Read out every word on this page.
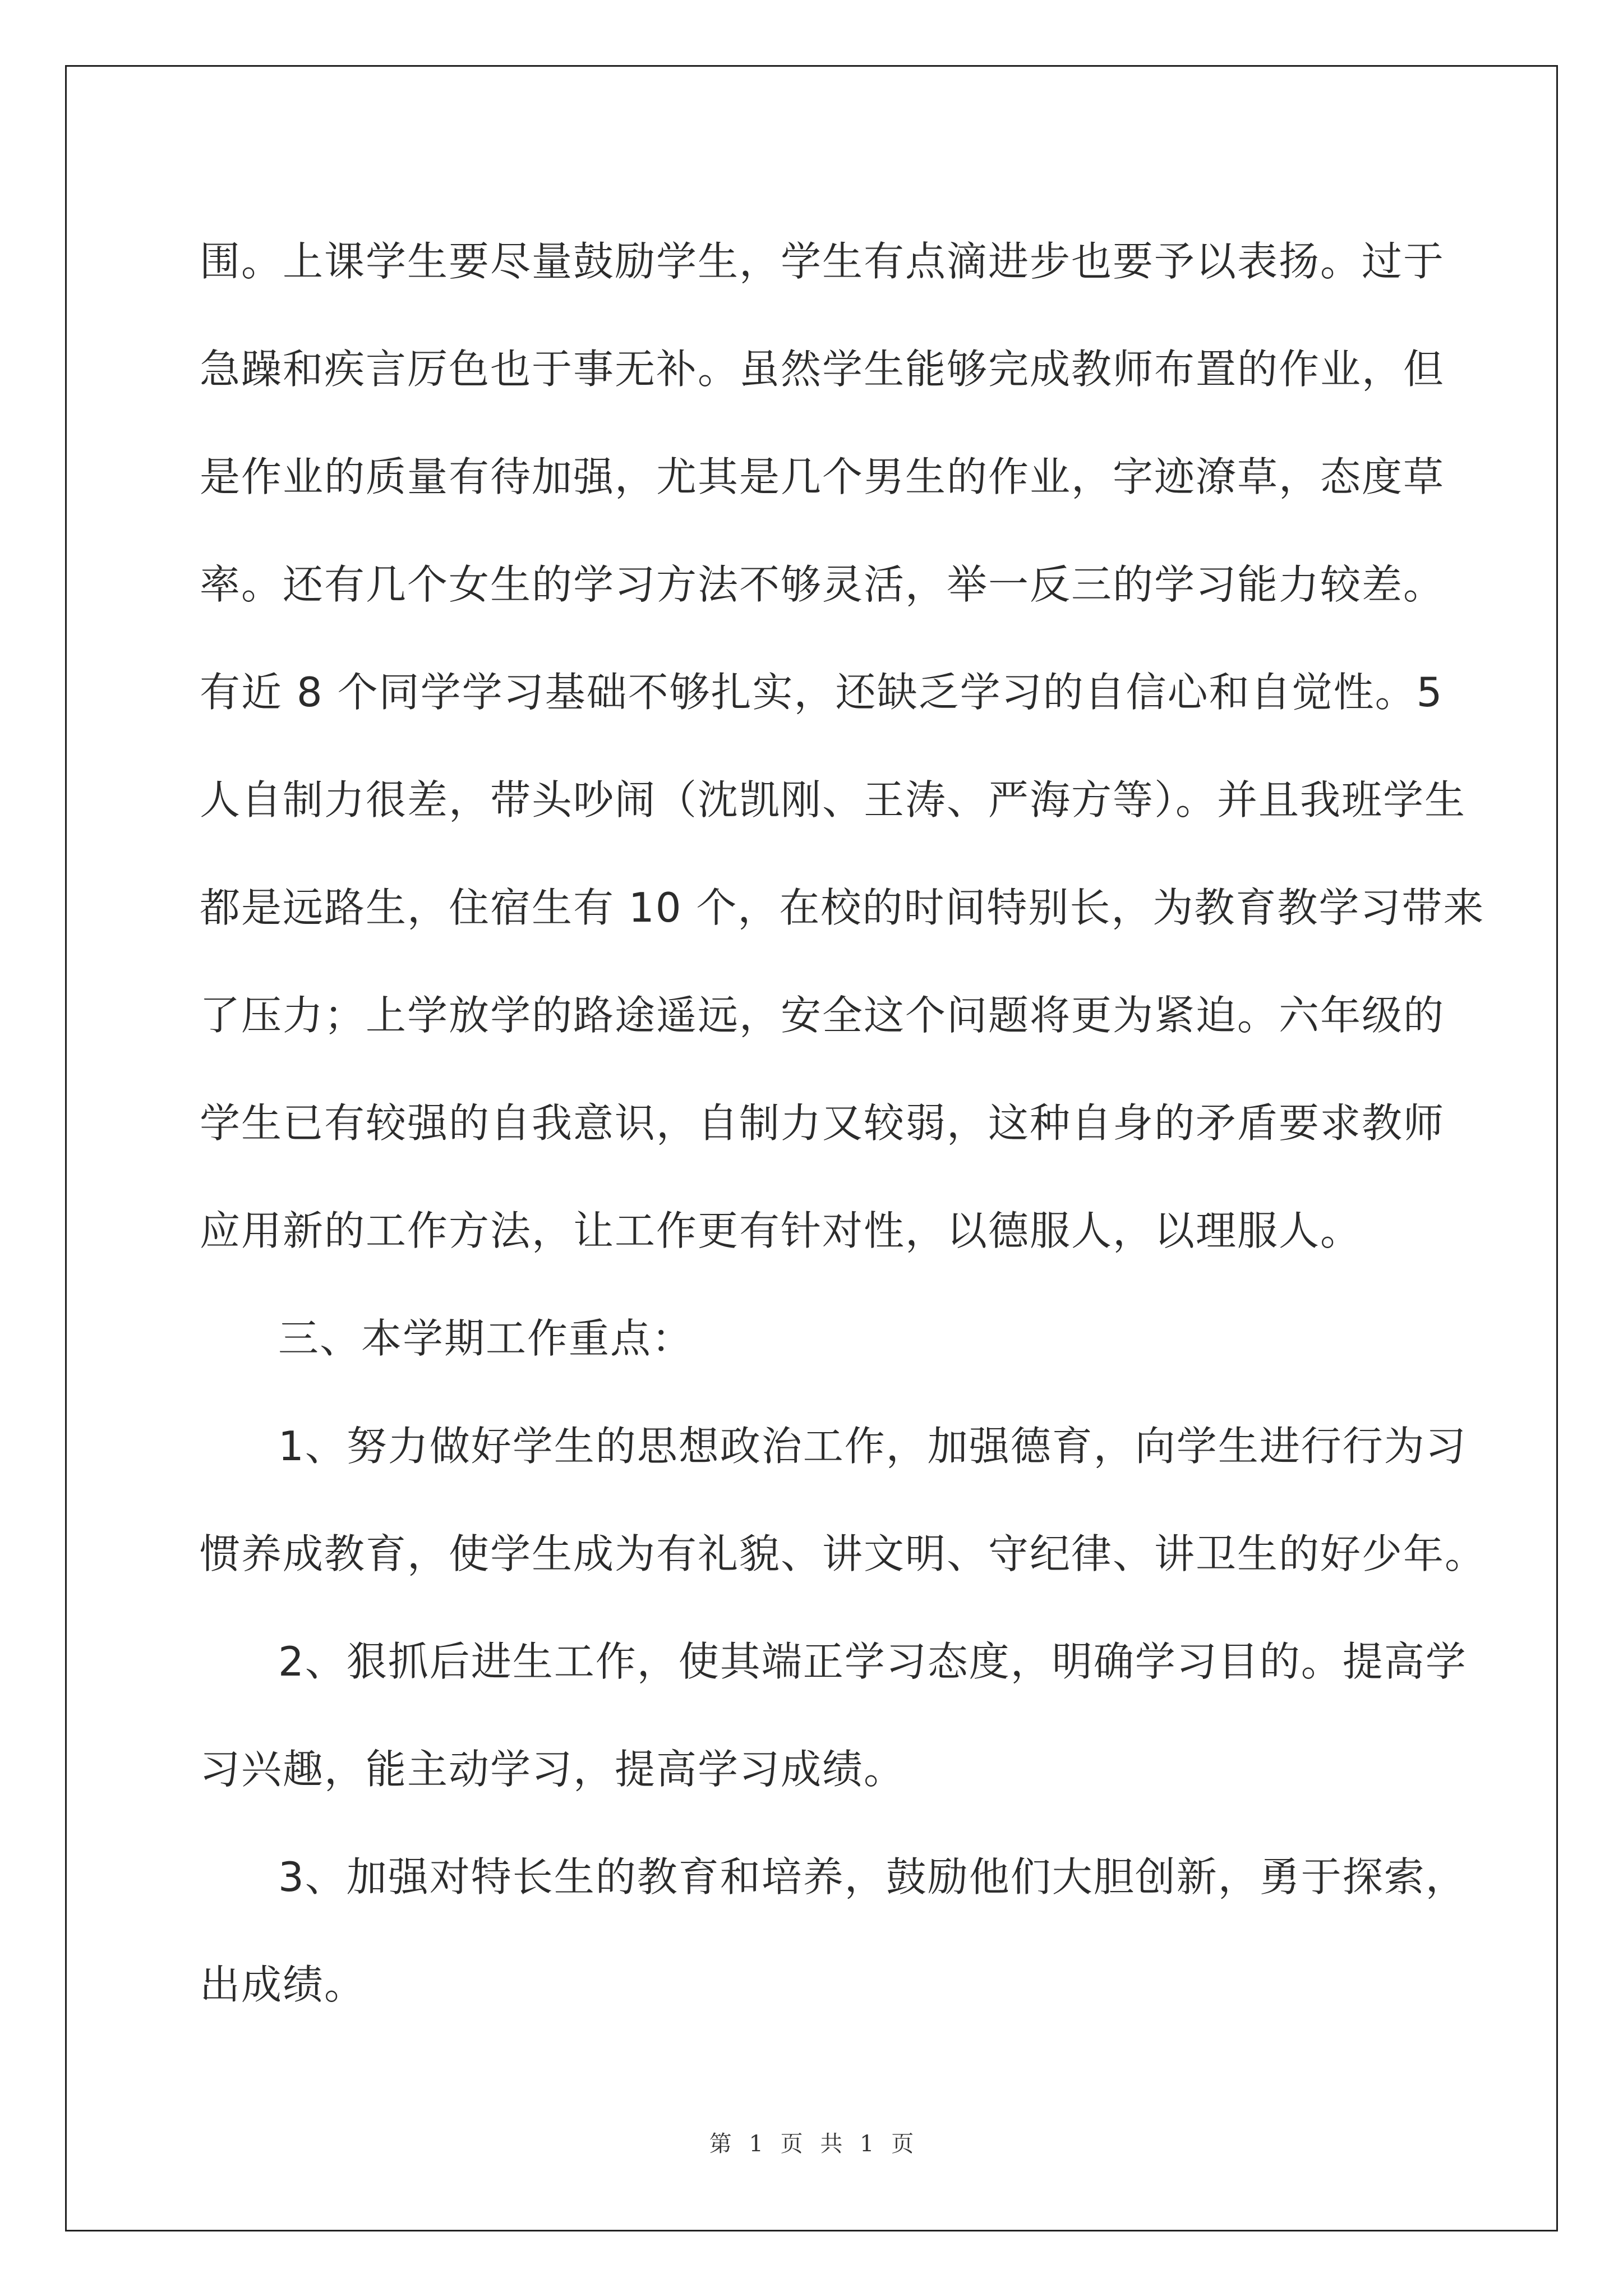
围。上课学生要尽量鼓励学生，学生有点滴进步也要予以表扬。过于
急躁和疾言厉色也于事无补。虽然学生能够完成教师布置的作业，但
是作业的质量有待加强，尤其是几个男生的作业，字迹潦草，态度草
率。还有几个女生的学习方法不够灵活，举一反三的学习能力较差。
有近 8 个同学学习基础不够扎实，还缺乏学习的自信心和自觉性。5
人自制力很差，带头吵闹（沈凯刚、王涛、严海方等）。并且我班学生
都是远路生，住宿生有 10 个，在校的时间特别长，为教育教学习带来
了压力；上学放学的路途遥远，安全这个问题将更为紧迫。六年级的
学生已有较强的自我意识，自制力又较弱，这种自身的矛盾要求教师
应用新的工作方法，让工作更有针对性，以德服人，以理服人。
三、本学期工作重点：
1、努力做好学生的思想政治工作，加强德育，向学生进行行为习
惯养成教育，使学生成为有礼貌、讲文明、守纪律、讲卫生的好少年。
2、狠抓后进生工作，使其端正学习态度，明确学习目的。提高学
习兴趣，能主动学习，提高学习成绩。
3、加强对特长生的教育和培养，鼓励他们大胆创新，勇于探索，
出成绩。
第 1 页 共 1 页
